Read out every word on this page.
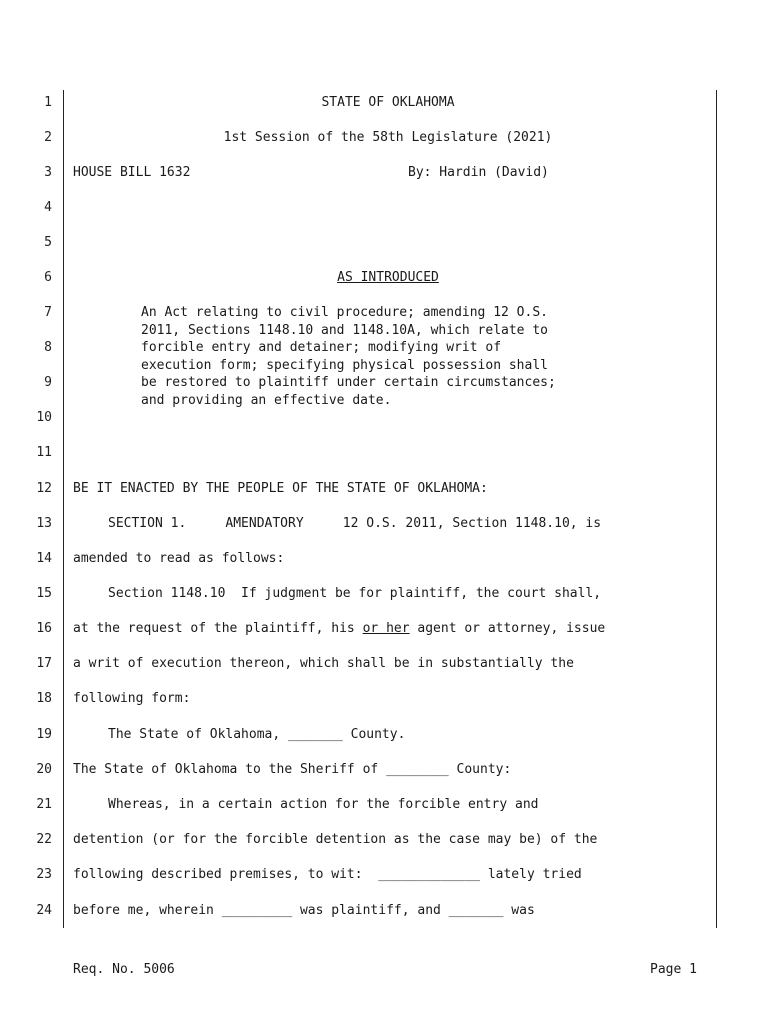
1
2
3
4
5
6
7
8
9
10
11
12
13
14
15
16
17
18
19
20
21
22
23
24
STATE OF OKLAHOMA
1st Session of the 58th Legislature (2021)
HOUSE BILL 1632	By: Hardin (David)
AS INTRODUCED
An Act relating to civil procedure; amending 12 O.S.
2011, Sections 1148.10 and 1148.10A, which relate to
forcible entry and detainer; modifying writ of
execution form; specifying physical possession shall
be restored to plaintiff under certain circumstances;
and providing an effective date.
BE IT ENACTED BY THE PEOPLE OF THE STATE OF OKLAHOMA:
SECTION 1.     AMENDATORY     12 O.S. 2011, Section 1148.10, is
amended to read as follows:
Section 1148.10  If judgment be for plaintiff, the court shall,
at the request of the plaintiff, his or her agent or attorney, issue
a writ of execution thereon, which shall be in substantially the
following form:
The State of Oklahoma, _______ County.
The State of Oklahoma to the Sheriff of ________ County:
Whereas, in a certain action for the forcible entry and
detention (or for the forcible detention as the case may be) of the
following described premises, to wit:  _____________ lately tried
before me, wherein _________ was plaintiff, and _______ was
Req. No. 5006	Page 1
